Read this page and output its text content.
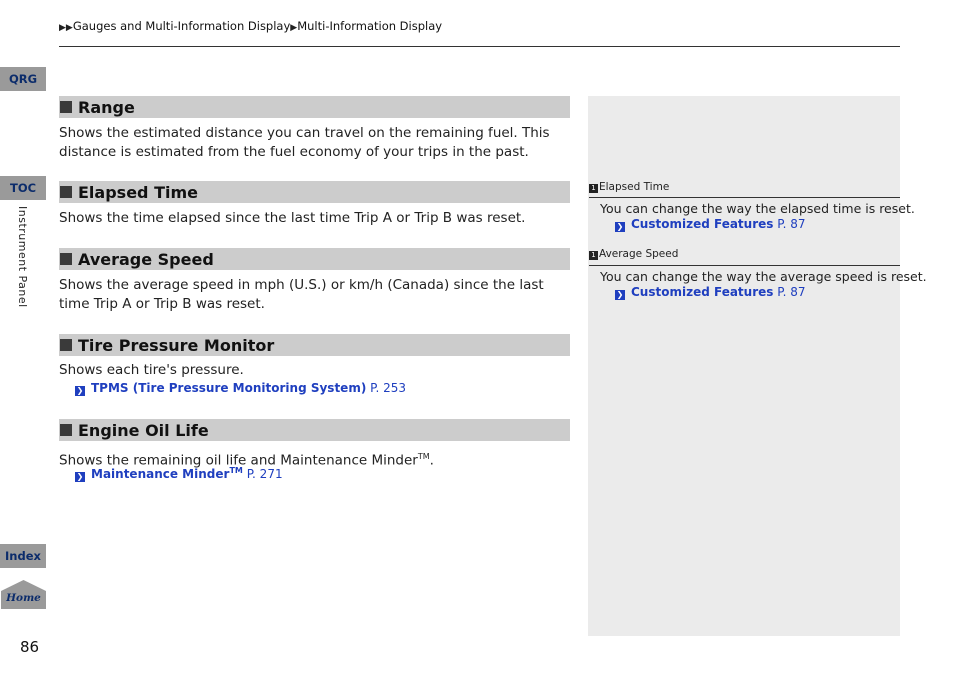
▶▶Gauges and Multi-Information Display▶Multi-Information Display
QRG
TOC
Instrument Panel
Index
Home
86
Range
Shows the estimated distance you can travel on the remaining fuel. This distance is estimated from the fuel economy of your trips in the past.
Elapsed Time
Shows the time elapsed since the last time Trip A or Trip B was reset.
Average Speed
Shows the average speed in mph (U.S.) or km/h (Canada) since the last time Trip A or Trip B was reset.
Tire Pressure Monitor
Shows each tire's pressure.
❯ TPMS (Tire Pressure Monitoring System) P. 253
Engine Oil Life
Shows the remaining oil life and Maintenance Minder™.
❯ Maintenance Minder™ P. 271
1 Elapsed Time
You can change the way the elapsed time is reset.
❯ Customized Features P. 87
1 Average Speed
You can change the way the average speed is reset.
❯ Customized Features P. 87
